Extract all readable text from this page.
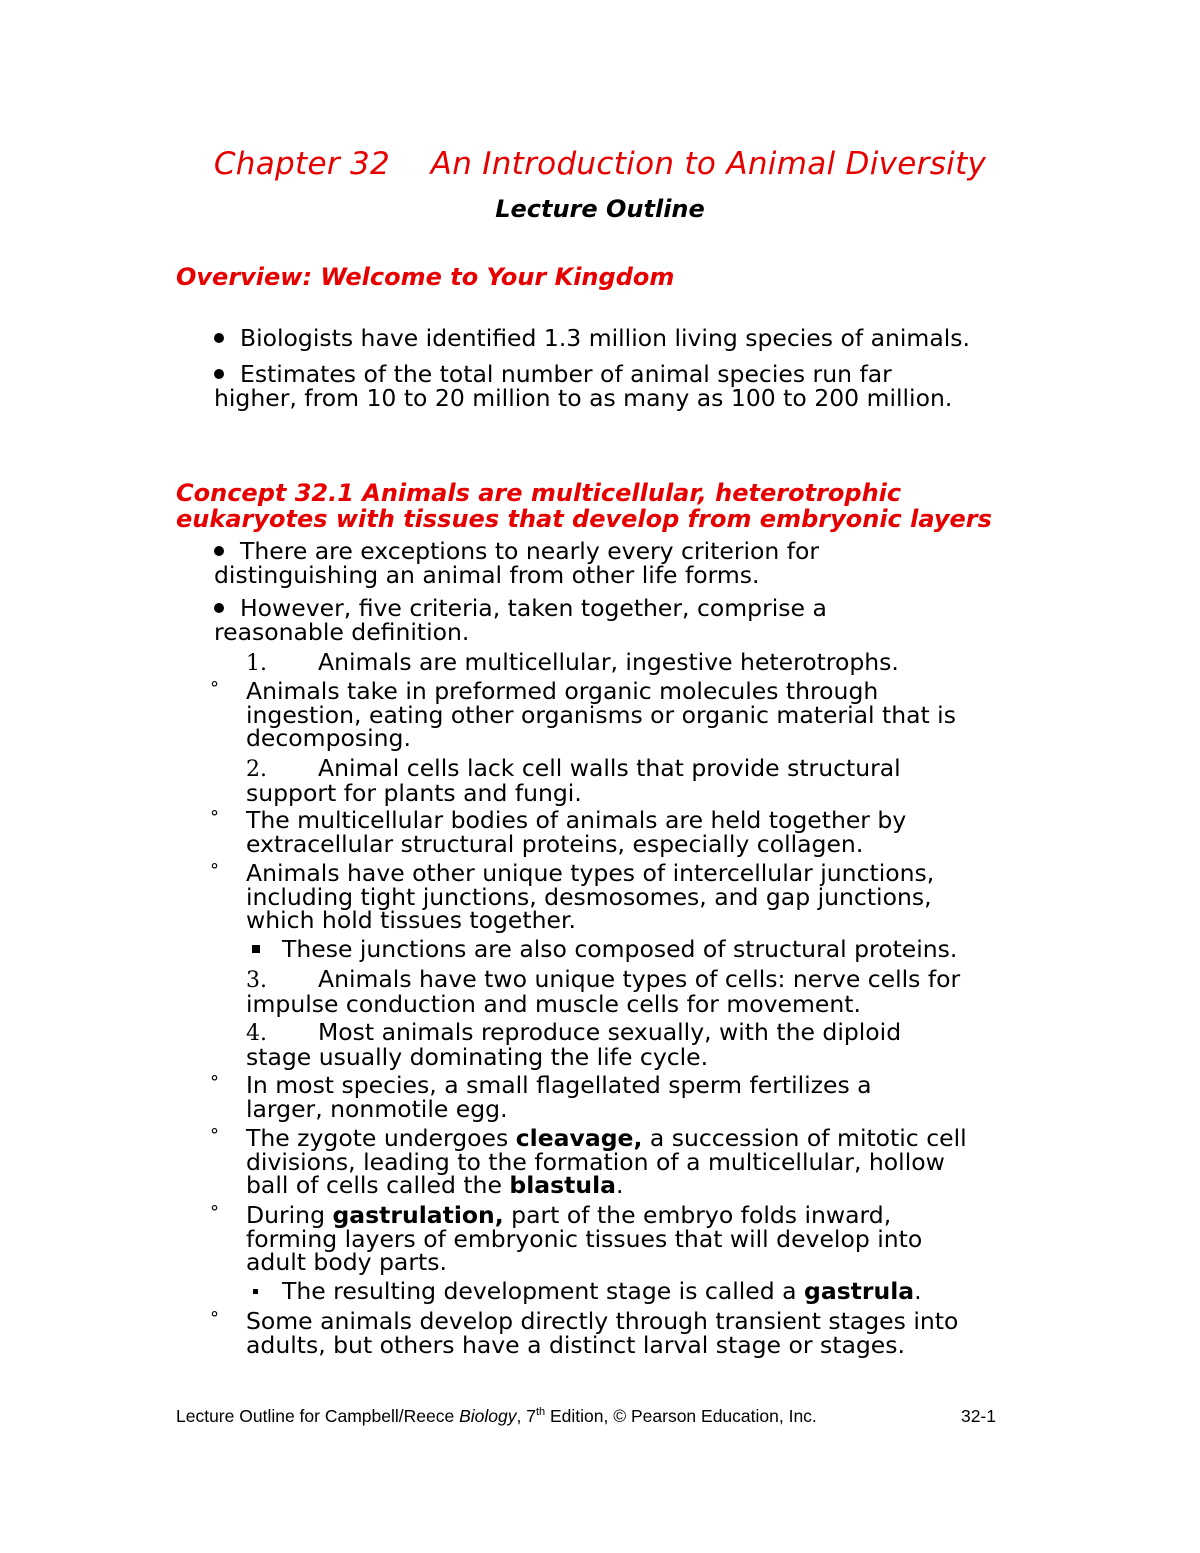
Chapter 32    An Introduction to Animal Diversity
Lecture Outline
Overview: Welcome to Your Kingdom
Biologists have identified 1.3 million living species of animals.
Estimates of the total number of animal species run far
higher, from 10 to 20 million to as many as 100 to 200 million.
Concept 32.1 Animals are multicellular, heterotrophic
eukaryotes with tissues that develop from embryonic layers
There are exceptions to nearly every criterion for
distinguishing an animal from other life forms.
However, five criteria, taken together, comprise a
reasonable definition.
1. Animals are multicellular, ingestive heterotrophs.
° Animals take in preformed organic molecules through
ingestion, eating other organisms or organic material that is
decomposing.
2. Animal cells lack cell walls that provide structural
support for plants and fungi.
° The multicellular bodies of animals are held together by
extracellular structural proteins, especially collagen.
° Animals have other unique types of intercellular junctions,
including tight junctions, desmosomes, and gap junctions,
which hold tissues together.
These junctions are also composed of structural proteins.
3. Animals have two unique types of cells: nerve cells for
impulse conduction and muscle cells for movement.
4. Most animals reproduce sexually, with the diploid
stage usually dominating the life cycle.
° In most species, a small flagellated sperm fertilizes a
larger, nonmotile egg.
° The zygote undergoes cleavage, a succession of mitotic cell
divisions, leading to the formation of a multicellular, hollow
ball of cells called the blastula.
° During gastrulation, part of the embryo folds inward,
forming layers of embryonic tissues that will develop into
adult body parts.
The resulting development stage is called a gastrula.
° Some animals develop directly through transient stages into
adults, but others have a distinct larval stage or stages.
Lecture Outline for Campbell/Reece Biology, 7th Edition, © Pearson Education, Inc.	32-1
